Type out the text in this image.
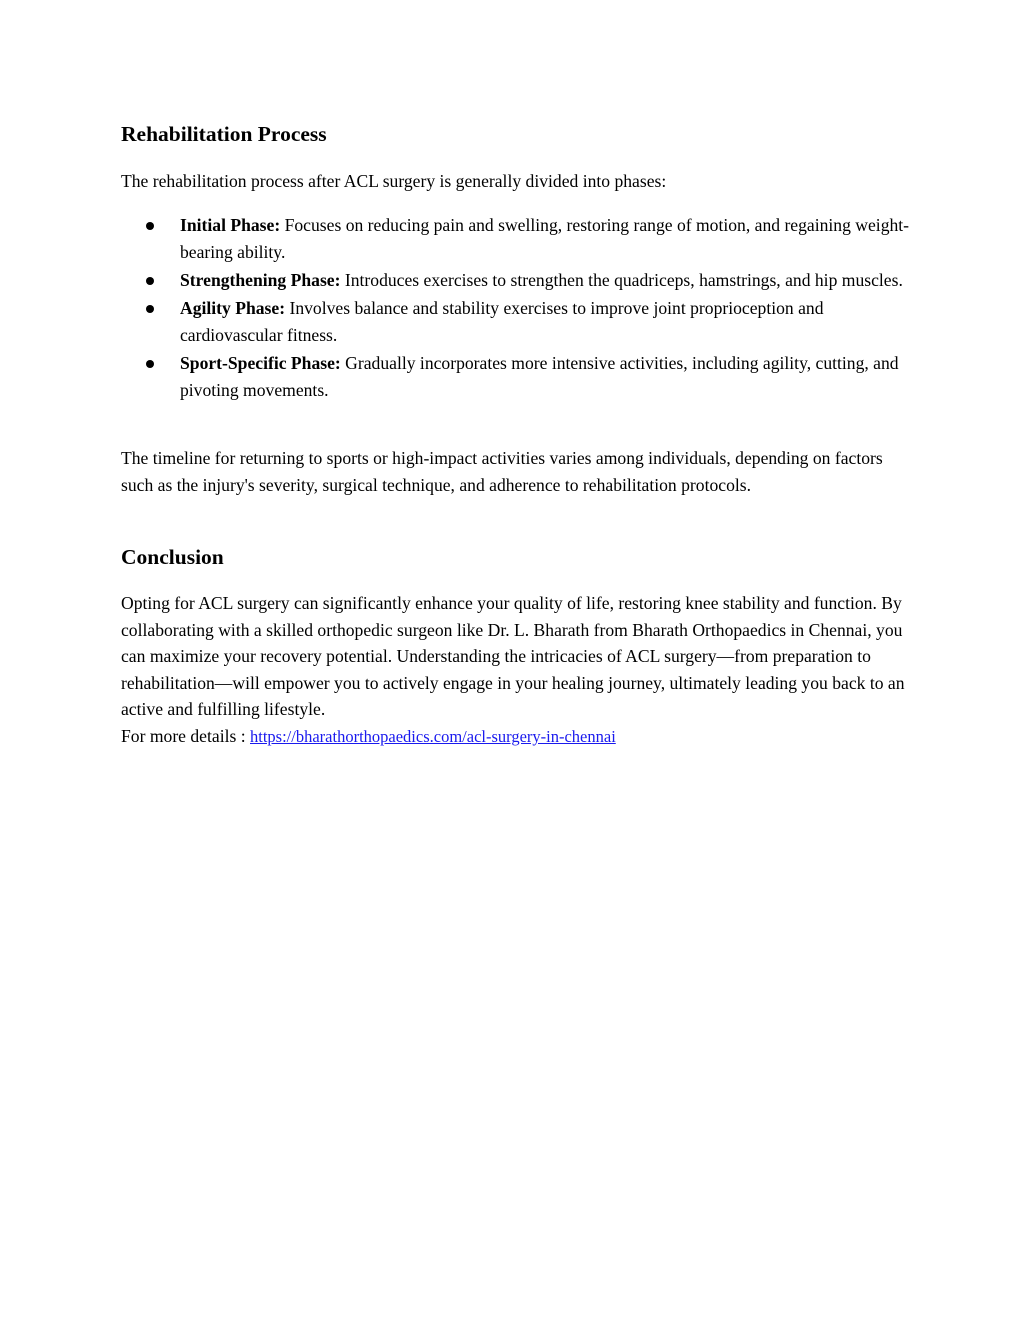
Rehabilitation Process

The rehabilitation process after ACL surgery is generally divided into phases:

Initial Phase: Focuses on reducing pain and swelling, restoring range of motion, and regaining weight-bearing ability.
Strengthening Phase: Introduces exercises to strengthen the quadriceps, hamstrings, and hip muscles.
Agility Phase: Involves balance and stability exercises to improve joint proprioception and cardiovascular fitness.
Sport-Specific Phase: Gradually incorporates more intensive activities, including agility, cutting, and pivoting movements.

The timeline for returning to sports or high-impact activities varies among individuals, depending on factors such as the injury's severity, surgical technique, and adherence to rehabilitation protocols.

Conclusion

Opting for ACL surgery can significantly enhance your quality of life, restoring knee stability and function. By collaborating with a skilled orthopedic surgeon like Dr. L. Bharath from Bharath Orthopaedics in Chennai, you can maximize your recovery potential. Understanding the intricacies of ACL surgery—from preparation to rehabilitation—will empower you to actively engage in your healing journey, ultimately leading you back to an active and fulfilling lifestyle.
For more details : https://bharathorthopaedics.com/acl-surgery-in-chennai
